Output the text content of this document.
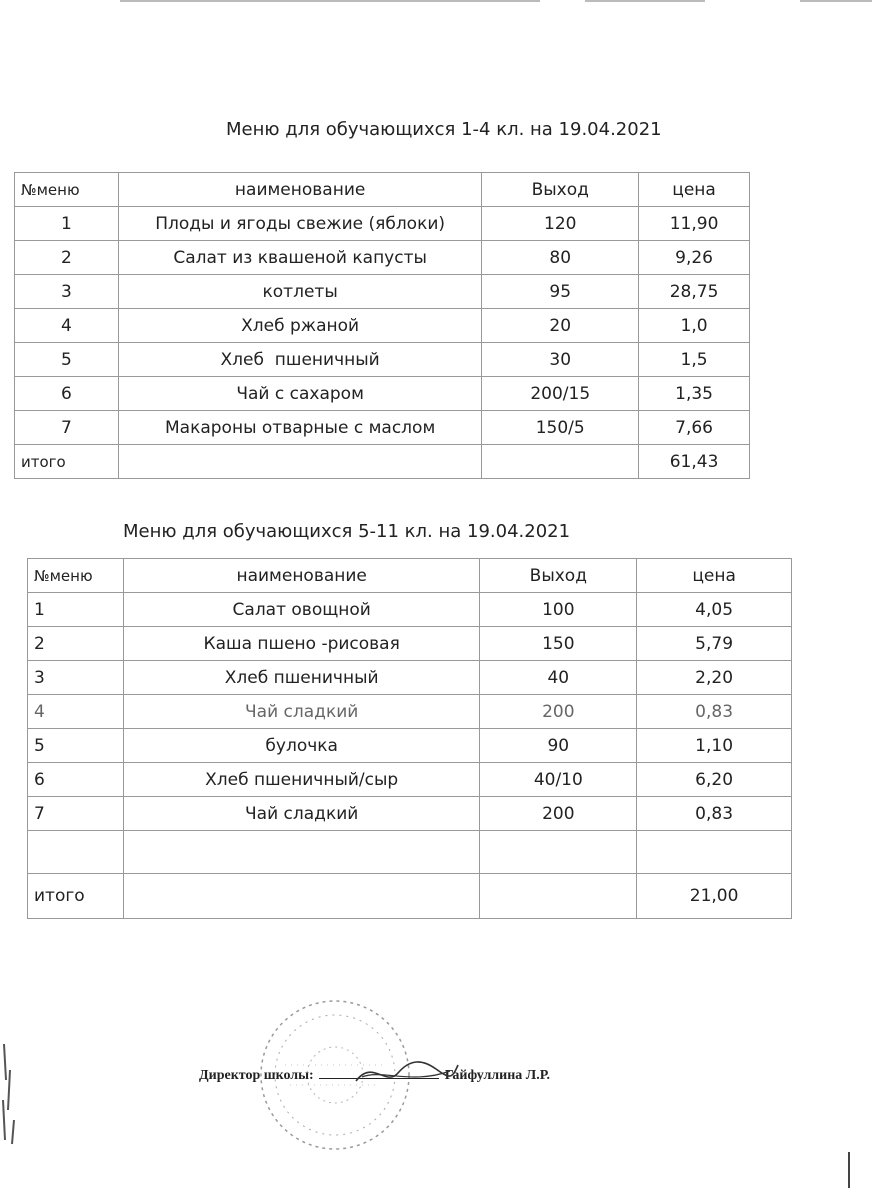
Меню для обучающихся 1-4 кл. на 19.04.2021
№меню	наименование	Выход	цена
1	Плоды и ягоды свежие (яблоки)	120	11,90
2	Салат из квашеной капусты	80	9,26
3	котлеты	95	28,75
4	Хлеб ржаной	20	1,0
5	Хлеб  пшеничный	30	1,5
6	Чай с сахаром	200/15	1,35
7	Макароны отварные с маслом	150/5	7,66
итого			61,43
Меню для обучающихся 5-11 кл. на 19.04.2021
№меню	наименование	Выход	цена
1	Салат овощной	100	4,05
2	Каша пшено -рисовая	150	5,79
3	Хлеб пшеничный	40	2,20
4	Чай сладкий	200	0,83
5	булочка	90	1,10
6	Хлеб пшеничный/сыр	40/10	6,20
7	Чай сладкий	200	0,83

итого			21,00
Директор школы:	Гайфуллина Л.Р.
